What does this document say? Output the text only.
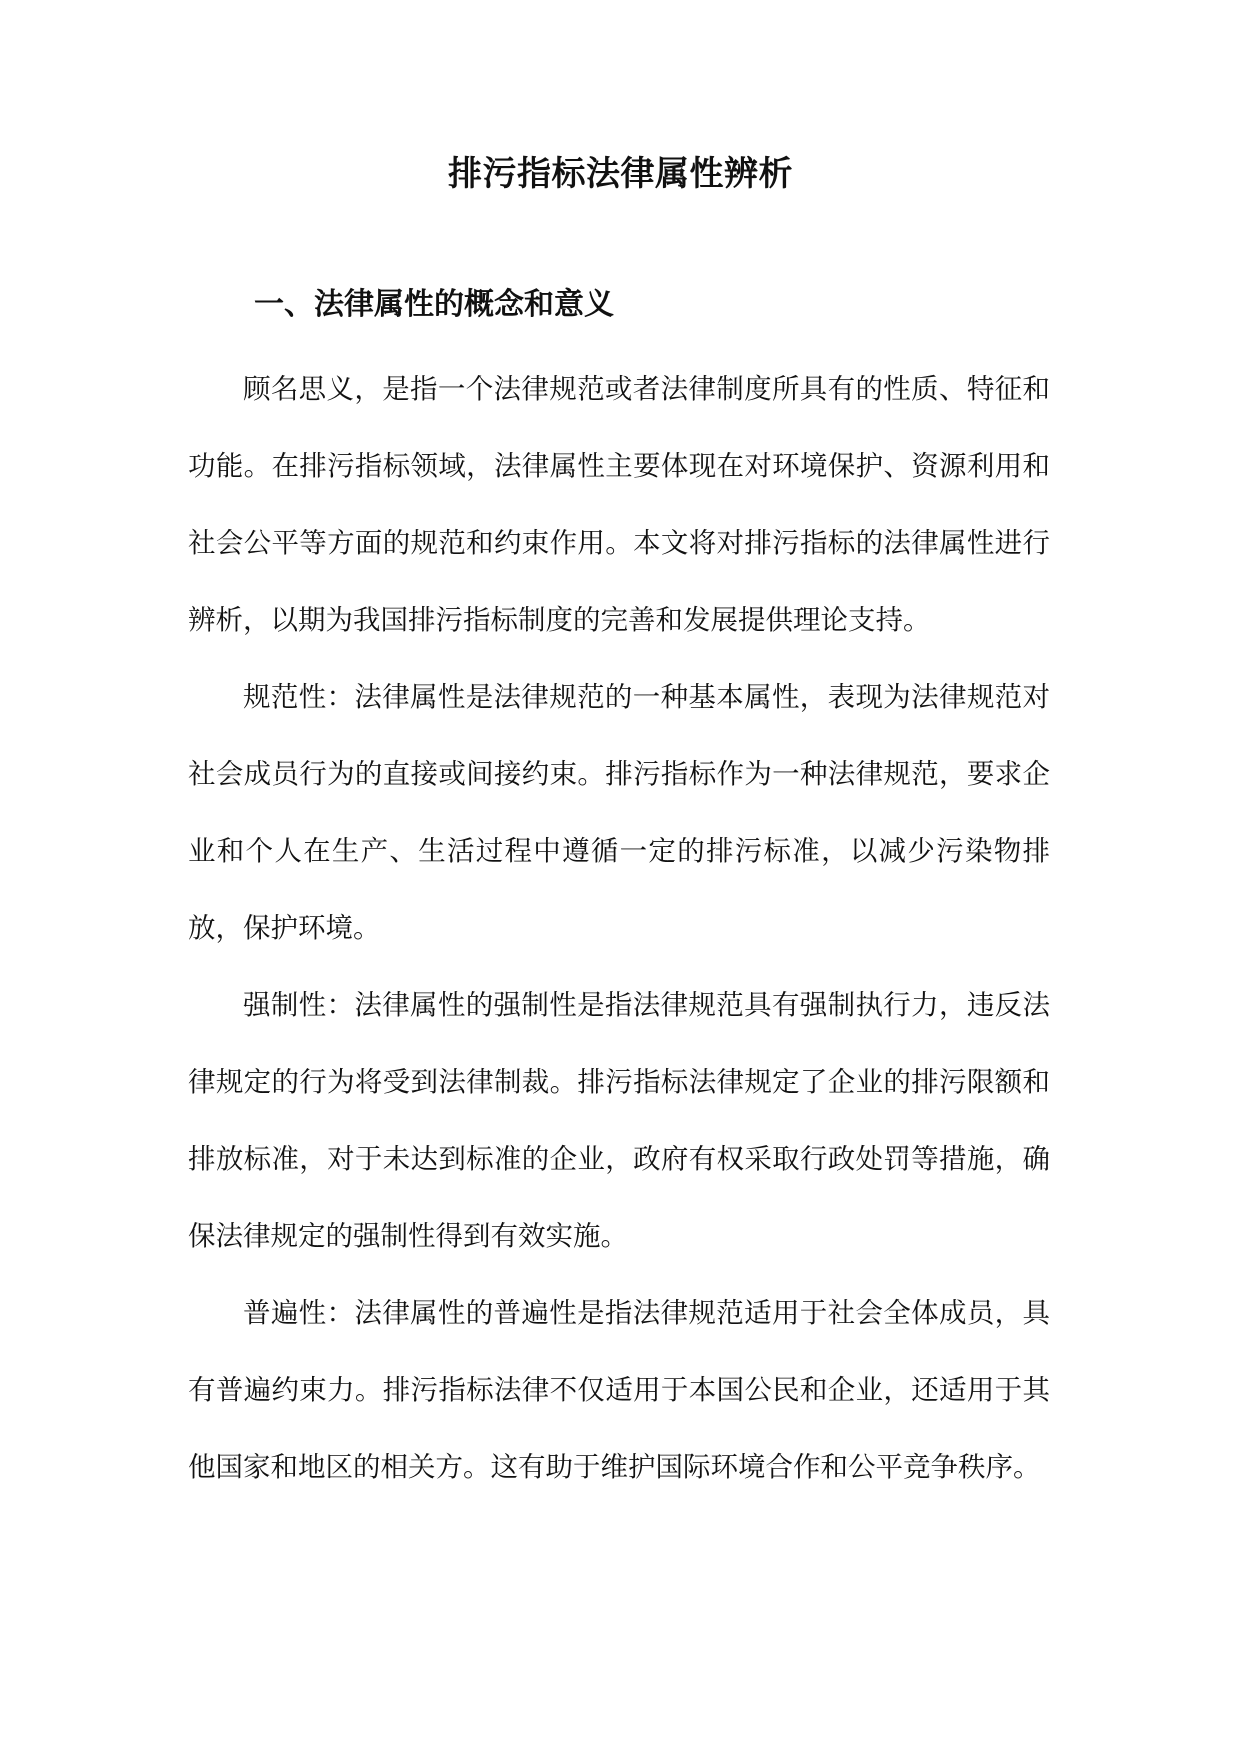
排污指标法律属性辨析
一、法律属性的概念和意义

顾名思义，是指一个法律规范或者法律制度所具有的性质、特征和功能。在排污指标领域，法律属性主要体现在对环境保护、资源利用和社会公平等方面的规范和约束作用。本文将对排污指标的法律属性进行辨析，以期为我国排污指标制度的完善和发展提供理论支持。

规范性：法律属性是法律规范的一种基本属性，表现为法律规范对社会成员行为的直接或间接约束。排污指标作为一种法律规范，要求企业和个人在生产、生活过程中遵循一定的排污标准，以减少污染物排放，保护环境。

强制性：法律属性的强制性是指法律规范具有强制执行力，违反法律规定的行为将受到法律制裁。排污指标法律规定了企业的排污限额和排放标准，对于未达到标准的企业，政府有权采取行政处罚等措施，确保法律规定的强制性得到有效实施。

普遍性：法律属性的普遍性是指法律规范适用于社会全体成员，具有普遍约束力。排污指标法律不仅适用于本国公民和企业，还适用于其他国家和地区的相关方。这有助于维护国际环境合作和公平竞争秩序。
